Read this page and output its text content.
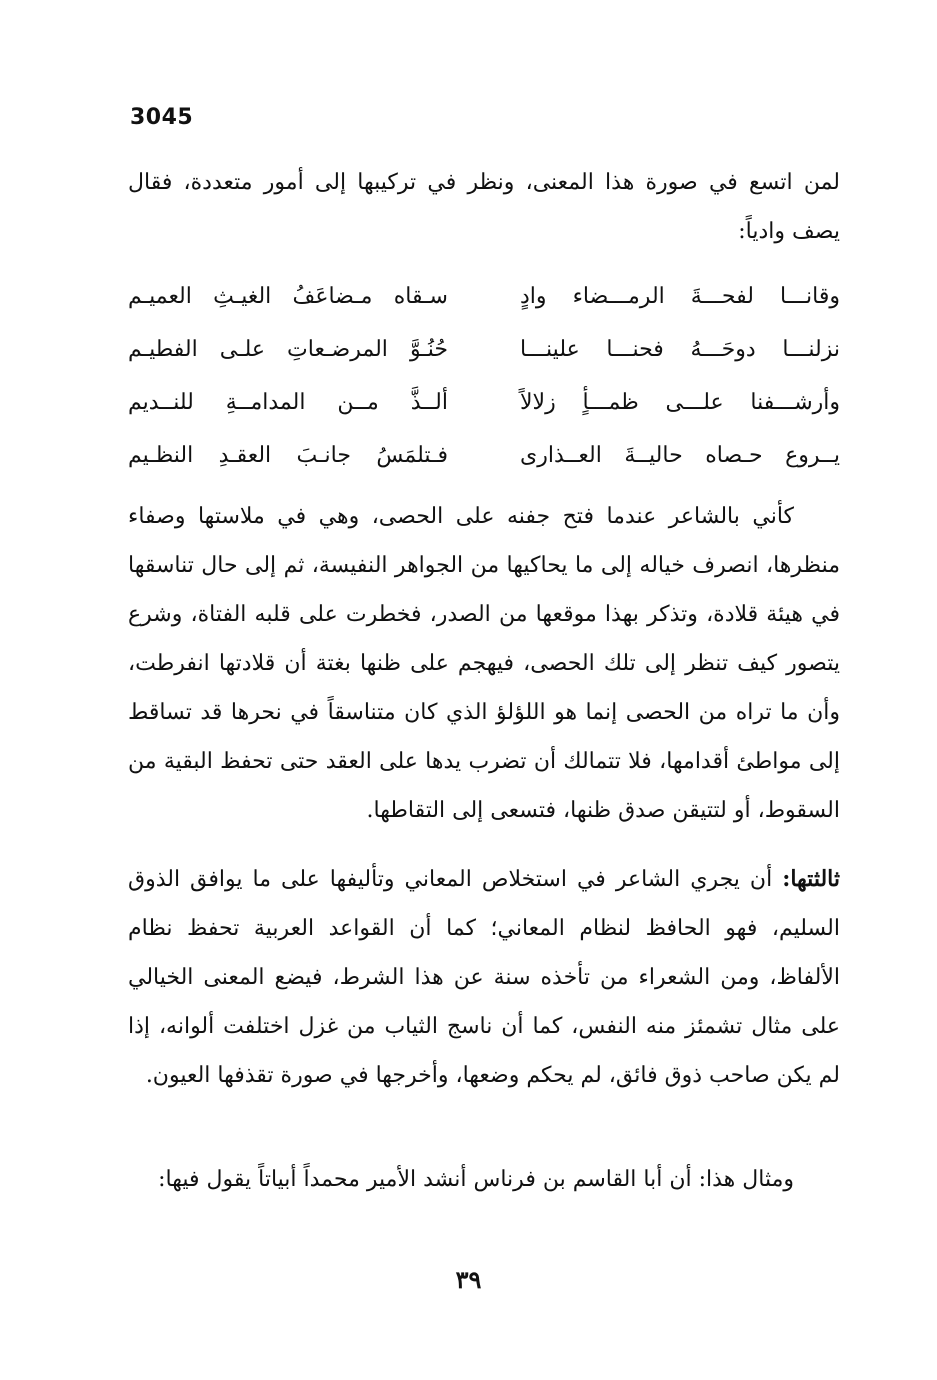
3045

لمن اتسع في صورة هذا المعنى، ونظر في تركيبها إلى أمور متعددة، فقال يصف وادياً:

وقانـــا لفحـــةَ الرمـــضاء وادٍ
سـقاه مـضاعَفُ الغيـثِ العميـم
نزلنـــا دوحَـــهُ فحنـــا علينـــا
حُنُـوَّ المرضـعاتِ علـى الفطيـم
وأرشـــفنا علـــى ظمـــأٍ زلالاً
ألــذَّ مــن المدامــةِ للنــديم
يــروع حـصاه حاليــةَ العــذارى
فـتلمَسُ جانـبَ العقـدِ النظـيم

كأني بالشاعر عندما فتح جفنه على الحصى، وهي في ملاستها وصفاء منظرها، انصرف خياله إلى ما يحاكيها من الجواهر النفيسة، ثم إلى حال تناسقها في هيئة قلادة، وتذكر بهذا موقعها من الصدر، فخطرت على قلبه الفتاة، وشرع يتصور كيف تنظر إلى تلك الحصى، فيهجم على ظنها بغتة أن قلادتها انفرطت، وأن ما تراه من الحصى إنما هو اللؤلؤ الذي كان متناسقاً في نحرها قد تساقط إلى مواطئ أقدامها، فلا تتمالك أن تضرب يدها على العقد حتى تحفظ البقية من السقوط، أو لتتيقن صدق ظنها، فتسعى إلى التقاطها.

ثالثتها: أن يجري الشاعر في استخلاص المعاني وتأليفها على ما يوافق الذوق السليم، فهو الحافظ لنظام المعاني؛ كما أن القواعد العربية تحفظ نظام الألفاظ، ومن الشعراء من تأخذه سنة عن هذا الشرط، فيضع المعنى الخيالي على مثال تشمئز منه النفس، كما أن ناسج الثياب من غزل اختلفت ألوانه، إذا لم يكن صاحب ذوق فائق، لم يحكم وضعها، وأخرجها في صورة تقذفها العيون.

ومثال هذا: أن أبا القاسم بن فرناس أنشد الأمير محمداً أبياتاً يقول فيها:

٣٩
